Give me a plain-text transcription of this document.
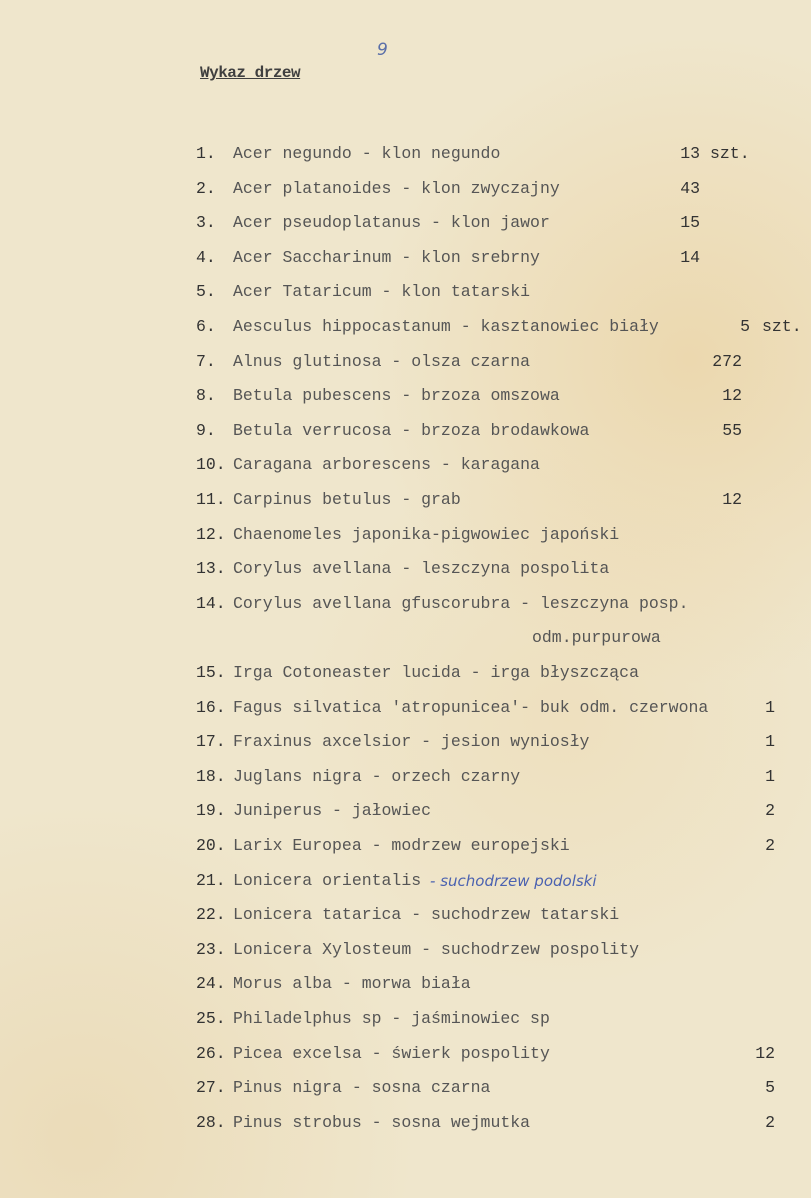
9
Wykaz drzew
1. Acer negundo - klon negundo	13 szt.
2. Acer platanoides - klon zwyczajny	43
3. Acer pseudoplatanus - klon jawor	15
4. Acer Saccharinum - klon srebrny	14
5. Acer Tataricum - klon tatarski
6. Aesculus hippocastanum - kasztanowiec biały	5 szt.
7. Alnus glutinosa - olsza czarna	272
8. Betula pubescens - brzoza omszowa	12
9. Betula verrucosa - brzoza brodawkowa	55
10. Caragana arborescens - karagana
11. Carpinus betulus - grab	12
12. Chaenomeles japonika-pigwowiec japoński
13. Corylus avellana - leszczyna pospolita
14. Corylus avellana gfuscorubra - leszczyna posp.
odm.purpurowa
15. Irga Cotoneaster lucida - irga błyszcząca
16. Fagus silvatica 'atropunicea'- buk odm. czerwona	1
17. Fraxinus axcelsior - jesion wyniosły	1
18. Juglans nigra - orzech czarny	1
19. Juniperus - jałowiec	2
20. Larix Europea - modrzew europejski	2
21. Lonicera orientalis - suchodrzew podolski
22. Lonicera tatarica - suchodrzew tatarski
23. Lonicera Xylosteum - suchodrzew pospolity
24. Morus alba - morwa biała
25. Philadelphus sp - jaśminowiec sp
26. Picea excelsa - świerk pospolity	12
27. Pinus nigra - sosna czarna	5
28. Pinus strobus - sosna wejmutka	2
